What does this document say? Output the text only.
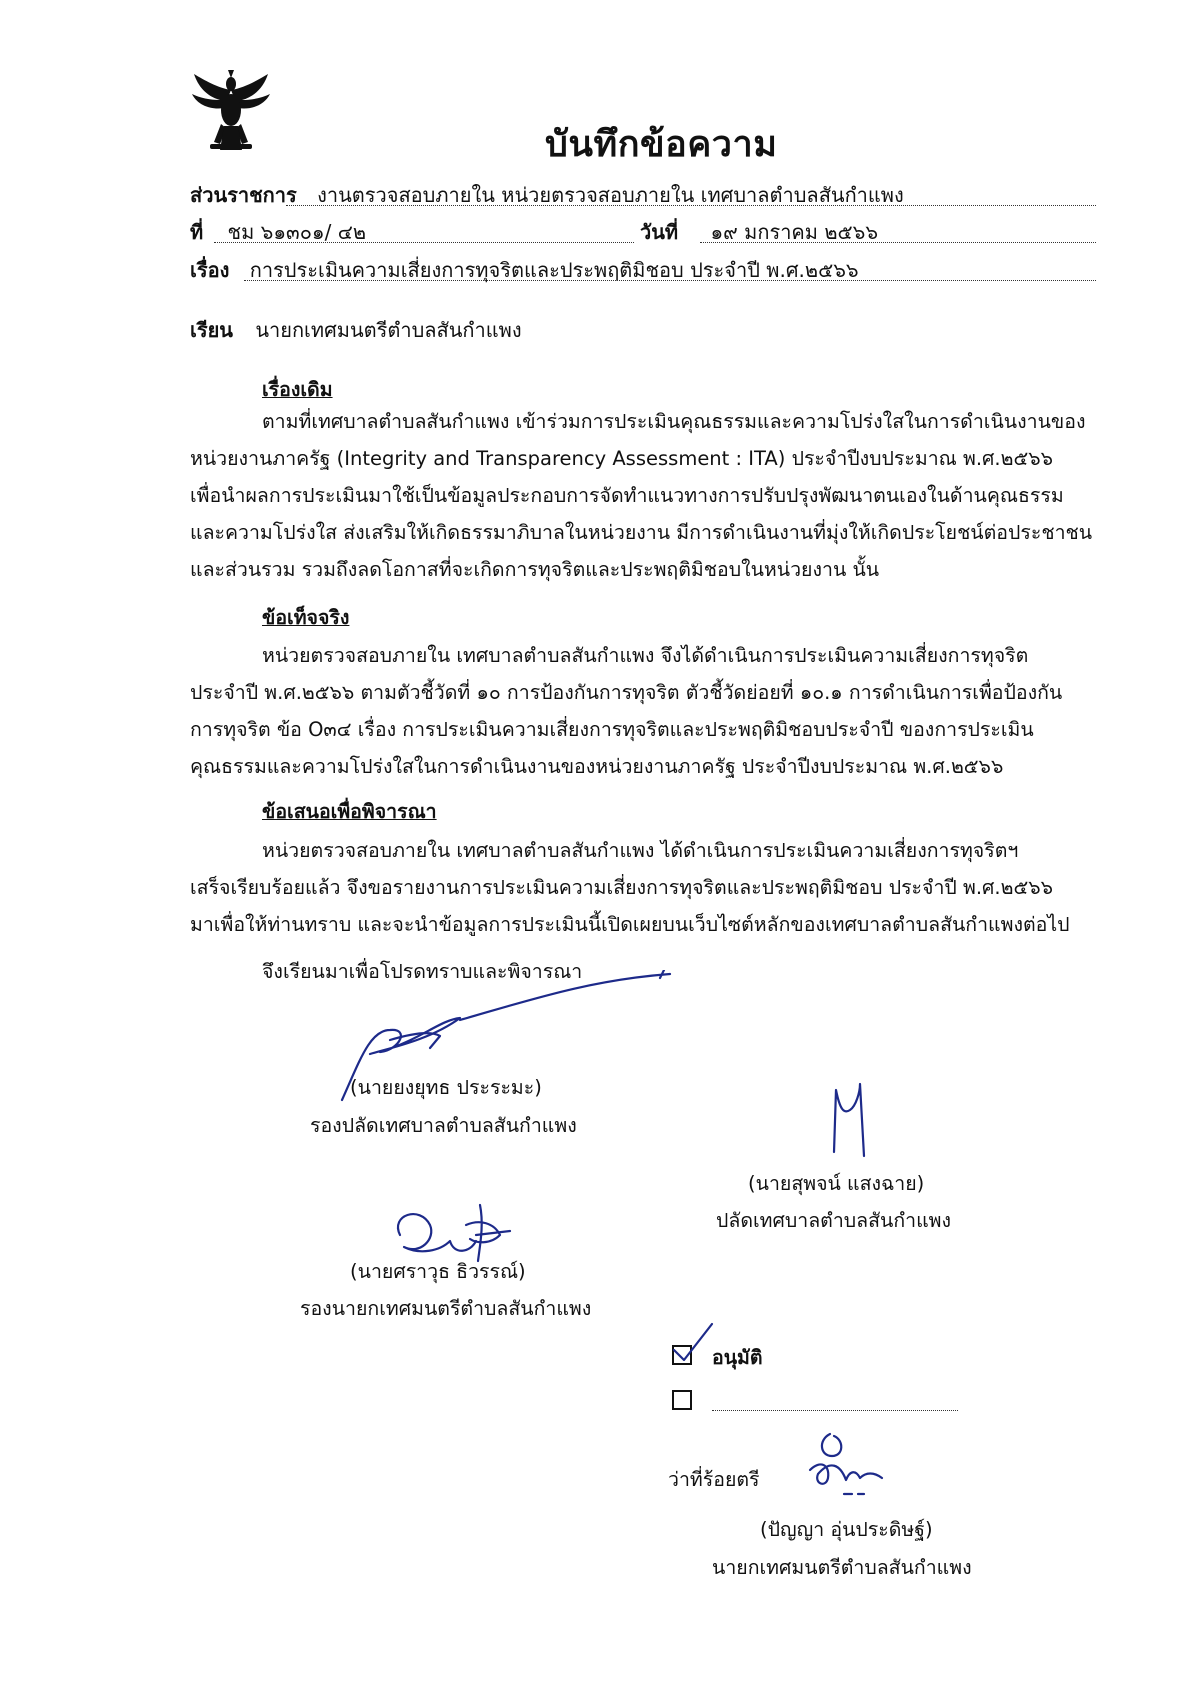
บันทึกข้อความ
ส่วนราชการ งานตรวจสอบภายใน หน่วยตรวจสอบภายใน เทศบาลตำบลสันกำแพง
ที่ ชม ๖๑๓๐๑/ ๔๒	วันที่ ๑๙ มกราคม ๒๕๖๖
เรื่อง การประเมินความเสี่ยงการทุจริตและประพฤติมิชอบ ประจำปี พ.ศ.๒๕๖๖
เรียน นายกเทศมนตรีตำบลสันกำแพง
เรื่องเดิม
ตามที่เทศบาลตำบลสันกำแพง เข้าร่วมการประเมินคุณธรรมและความโปร่งใสในการดำเนินงานของ
หน่วยงานภาครัฐ (Integrity and Transparency Assessment : ITA) ประจำปีงบประมาณ พ.ศ.๒๕๖๖
เพื่อนำผลการประเมินมาใช้เป็นข้อมูลประกอบการจัดทำแนวทางการปรับปรุงพัฒนาตนเองในด้านคุณธรรม
และความโปร่งใส ส่งเสริมให้เกิดธรรมาภิบาลในหน่วยงาน มีการดำเนินงานที่มุ่งให้เกิดประโยชน์ต่อประชาชน
และส่วนรวม รวมถึงลดโอกาสที่จะเกิดการทุจริตและประพฤติมิชอบในหน่วยงาน นั้น
ข้อเท็จจริง
หน่วยตรวจสอบภายใน เทศบาลตำบลสันกำแพง จึงได้ดำเนินการประเมินความเสี่ยงการทุจริต
ประจำปี พ.ศ.๒๕๖๖ ตามตัวชี้วัดที่ ๑๐ การป้องกันการทุจริต ตัวชี้วัดย่อยที่ ๑๐.๑ การดำเนินการเพื่อป้องกัน
การทุจริต ข้อ O๓๔ เรื่อง การประเมินความเสี่ยงการทุจริตและประพฤติมิชอบประจำปี ของการประเมิน
คุณธรรมและความโปร่งใสในการดำเนินงานของหน่วยงานภาครัฐ ประจำปีงบประมาณ พ.ศ.๒๕๖๖
ข้อเสนอเพื่อพิจารณา
หน่วยตรวจสอบภายใน เทศบาลตำบลสันกำแพง ได้ดำเนินการประเมินความเสี่ยงการทุจริตฯ
เสร็จเรียบร้อยแล้ว จึงขอรายงานการประเมินความเสี่ยงการทุจริตและประพฤติมิชอบ ประจำปี พ.ศ.๒๕๖๖
มาเพื่อให้ท่านทราบ และจะนำข้อมูลการประเมินนี้เปิดเผยบนเว็บไซต์หลักของเทศบาลตำบลสันกำแพงต่อไป
จึงเรียนมาเพื่อโปรดทราบและพิจารณา
(นายยงยุทธ ประระมะ)
รองปลัดเทศบาลตำบลสันกำแพง
(นายสุพจน์ แสงฉาย)
ปลัดเทศบาลตำบลสันกำแพง
(นายศราวุธ ธิวรรณ์)
รองนายกเทศมนตรีตำบลสันกำแพง
อนุมัติ
ว่าที่ร้อยตรี
(ปัญญา อุ่นประดิษฐ์)
นายกเทศมนตรีตำบลสันกำแพง
